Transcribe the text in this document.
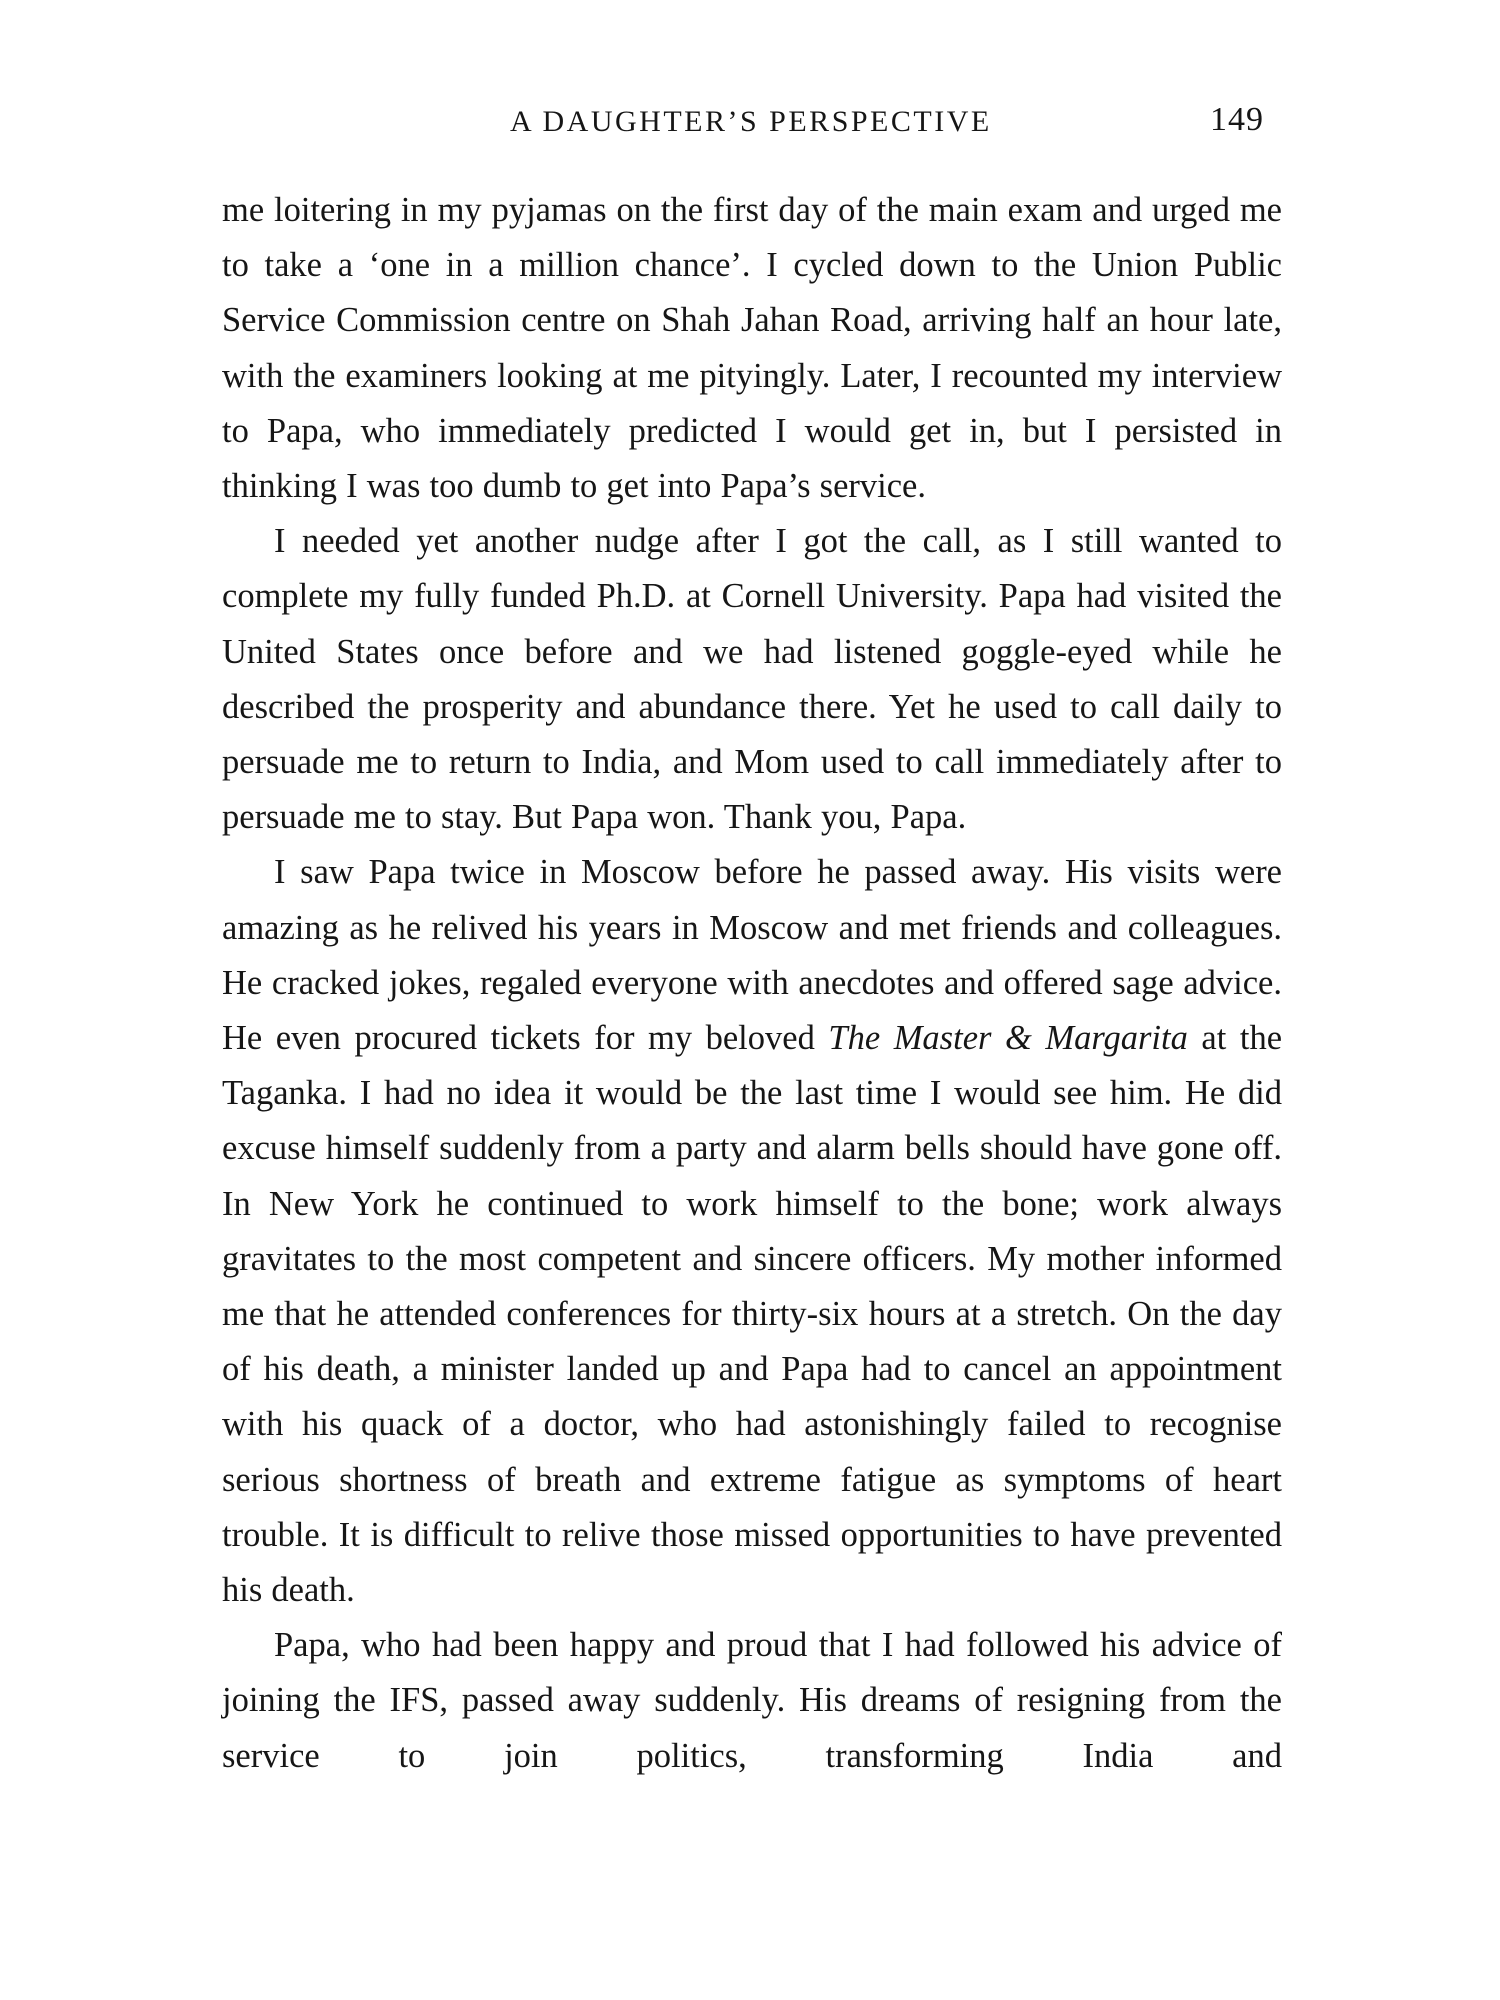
A DAUGHTER’S PERSPECTIVE	149

me loitering in my pyjamas on the first day of the main exam and urged me to take a ‘one in a million chance’. I cycled down to the Union Public Service Commission centre on Shah Jahan Road, arriving half an hour late, with the examiners looking at me pityingly. Later, I recounted my interview to Papa, who immediately predicted I would get in, but I persisted in thinking I was too dumb to get into Papa’s service.

I needed yet another nudge after I got the call, as I still wanted to complete my fully funded Ph.D. at Cornell University. Papa had visited the United States once before and we had listened goggle-eyed while he described the prosperity and abundance there. Yet he used to call daily to persuade me to return to India, and Mom used to call immediately after to persuade me to stay. But Papa won. Thank you, Papa.

I saw Papa twice in Moscow before he passed away. His visits were amazing as he relived his years in Moscow and met friends and colleagues. He cracked jokes, regaled everyone with anecdotes and offered sage advice. He even procured tickets for my beloved The Master & Margarita at the Taganka. I had no idea it would be the last time I would see him. He did excuse himself suddenly from a party and alarm bells should have gone off. In New York he continued to work himself to the bone; work always gravitates to the most competent and sincere officers. My mother informed me that he attended conferences for thirty-six hours at a stretch. On the day of his death, a minister landed up and Papa had to cancel an appointment with his quack of a doctor, who had astonishingly failed to recognise serious shortness of breath and extreme fatigue as symptoms of heart trouble. It is difficult to relive those missed opportunities to have prevented his death.

Papa, who had been happy and proud that I had followed his advice of joining the IFS, passed away suddenly. His dreams of resigning from the service to join politics, transforming India and
